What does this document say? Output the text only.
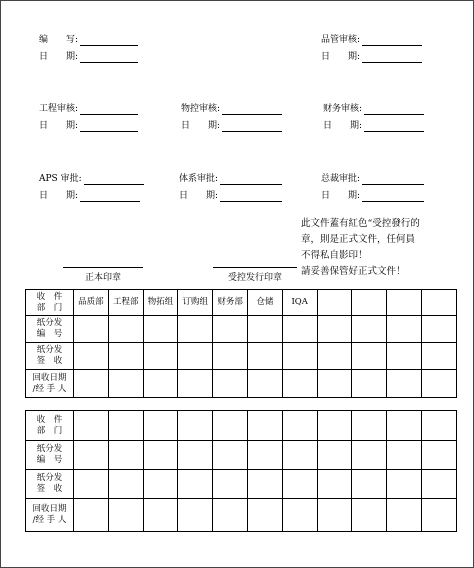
编　　写:
日　　期:
品管审核:
日　　期:
工程审核:
日　　期:
物控审核:
日　　期:
财务审核:
日　　期:
APS 审批:
日　　期:
体系审批:
日　　期:
总裁审批:
日　　期:
此文件蓋有紅色“受控發行的
章，則是正式文件，任何員
不得私自影印！
請妥善保管好正式文件！
正本印章	受控发行印章
收　件
部　门	品质部	工程部	物拓组	订购组	财务部	仓储	IQA				

纸分发
编　号											

纸分发
签　收											

回收日期
/经 手 人											

收　件
部　门											

纸分发
编　号											

纸分发
签　收											

回收日期
/经 手 人											
